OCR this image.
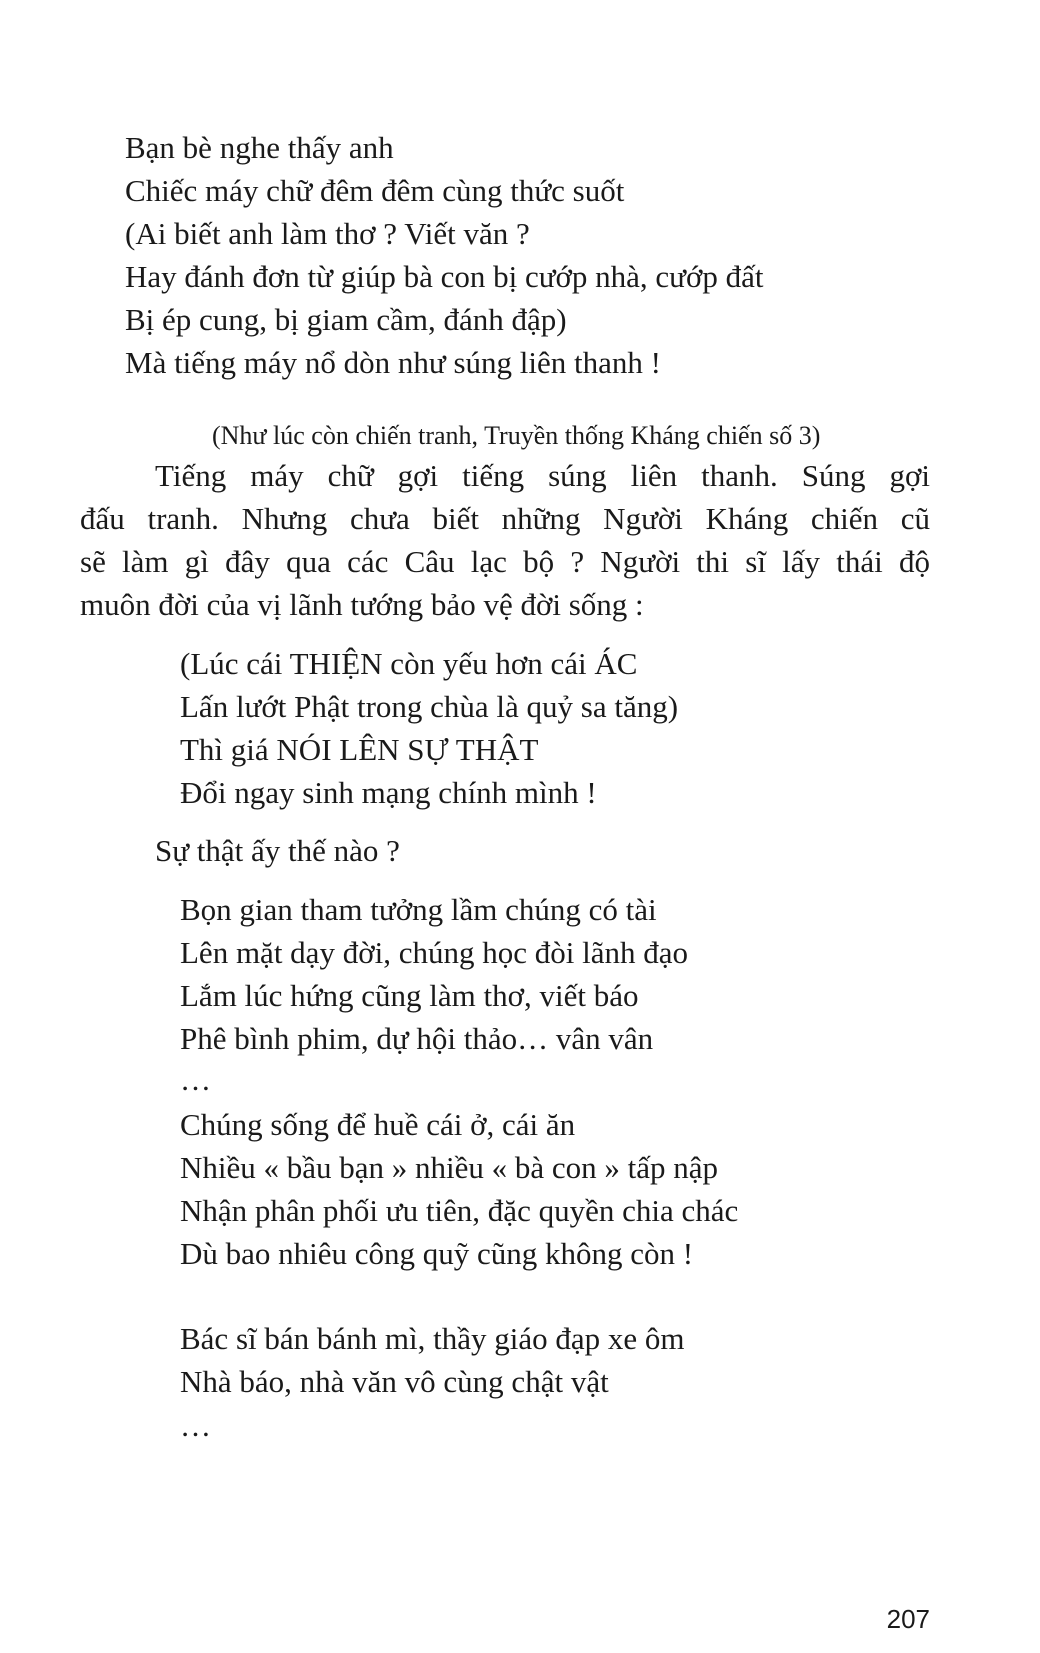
Bạn bè nghe thấy anh
Chiếc máy chữ đêm đêm cùng thức suốt
(Ai biết anh làm thơ ? Viết văn ?
Hay đánh đơn từ giúp bà con bị cướp nhà, cướp đất
Bị ép cung, bị giam cầm, đánh đập)
Mà tiếng máy nổ dòn như súng liên thanh !
(Như lúc còn chiến tranh, Truyền thống Kháng chiến số 3)
Tiếng máy chữ gợi tiếng súng liên thanh. Súng gợi
đấu tranh. Nhưng chưa biết những Người Kháng chiến cũ
sẽ làm gì đây qua các Câu lạc bộ ? Người thi sĩ lấy thái độ
muôn đời của vị lãnh tướng bảo vệ đời sống :
(Lúc cái THIỆN còn yếu hơn cái ÁC
Lấn lướt Phật trong chùa là quỷ sa tăng)
Thì giá NÓI LÊN SỰ THẬT
Đổi ngay sinh mạng chính mình !
Sự thật ấy thế nào ?
Bọn gian tham tưởng lầm chúng có tài
Lên mặt dạy đời, chúng học đòi lãnh đạo
Lắm lúc hứng cũng làm thơ, viết báo
Phê bình phim, dự hội thảo… vân vân
…
Chúng sống để huề cái ở, cái ăn
Nhiều « bầu bạn » nhiều « bà con » tấp nập
Nhận phân phối ưu tiên, đặc quyền chia chác
Dù bao nhiêu công quỹ cũng không còn !
Bác sĩ bán bánh mì, thầy giáo đạp xe ôm
Nhà báo, nhà văn vô cùng chật vật
…
207
